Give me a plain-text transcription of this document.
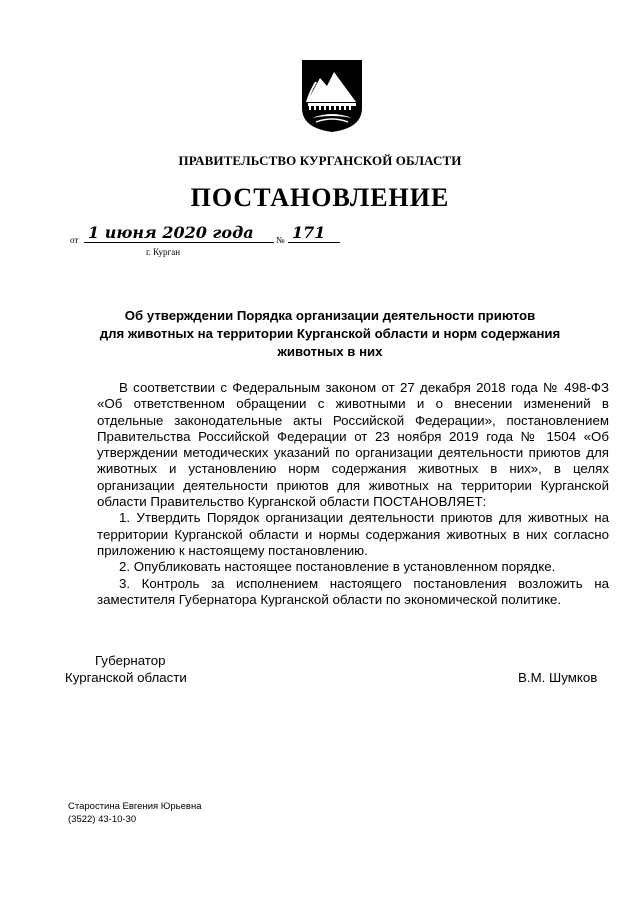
ПРАВИТЕЛЬСТВО КУРГАНСКОЙ ОБЛАСТИ
ПОСТАНОВЛЕНИЕ
от 1 июня 2020 года № 171
г. Курган
Об утверждении Порядка организации деятельности приютов
для животных на территории Курганской области и норм содержания
животных в них

В соответствии с Федеральным законом от 27 декабря 2018 года № 498-ФЗ «Об ответственном обращении с животными и о внесении изменений в отдельные законодательные акты Российской Федерации», постановлением Правительства Российской Федерации от 23 ноября 2019 года № 1504 «Об утверждении методических указаний по организации деятельности приютов для животных и установлению норм содержания животных в них», в целях организации деятельности приютов для животных на территории Курганской области Правительство Курганской области ПОСТАНОВЛЯЕТ:

1. Утвердить Порядок организации деятельности приютов для животных на территории Курганской области и нормы содержания животных в них согласно приложению к настоящему постановлению.

2. Опубликовать настоящее постановление в установленном порядке.

3. Контроль за исполнением настоящего постановления возложить на заместителя Губернатора Курганской области по экономической политике.

Губернатор
Курганской области	В.М. Шумков
Старостина Евгения Юрьевна
(3522) 43-10-30
